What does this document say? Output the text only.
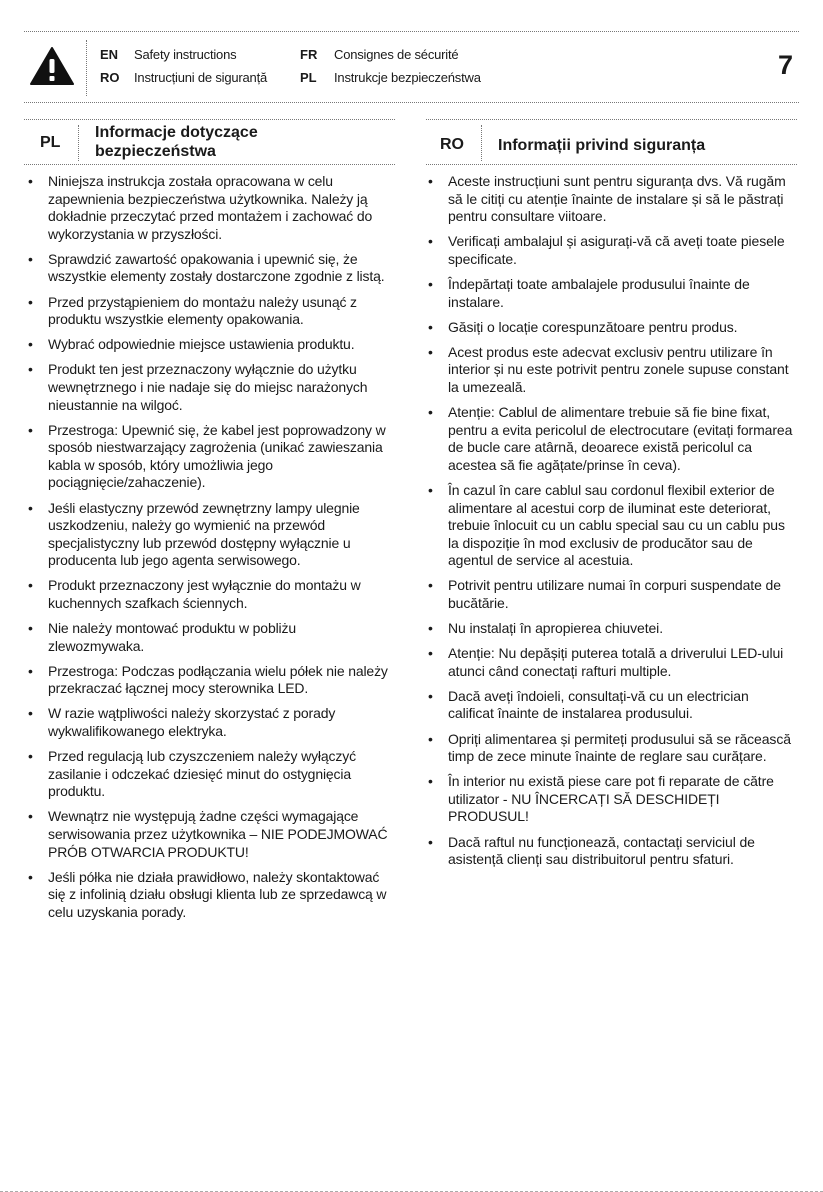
EN Safety instructions
RO Instrucțiuni de siguranță
FR Consignes de sécurité
PL Instrukcje bezpieczeństwa	7
PL
Informacje dotyczące
bezpieczeństwa	RO Informații privind siguranța
• Niniejsza instrukcja została opracowana w celu zapewnienia bezpieczeństwa użytkownika. Należy ją dokładnie przeczytać przed montażem i zachować do wykorzystania w przyszłości.
• Sprawdzić zawartość opakowania i upewnić się, że wszystkie elementy zostały dostarczone zgodnie z listą.
• Przed przystąpieniem do montażu należy usunąć z produktu wszystkie elementy opakowania.
• Wybrać odpowiednie miejsce ustawienia produktu.
• Produkt ten jest przeznaczony wyłącznie do użytku wewnętrznego i nie nadaje się do miejsc narażonych nieustannie na wilgoć.
• Przestroga: Upewnić się, że kabel jest poprowadzony w sposób niestwarzający zagrożenia (unikać zawieszania kabla w sposób, który umożliwia jego pociągnięcie/zahaczenie).
• Jeśli elastyczny przewód zewnętrzny lampy ulegnie uszkodzeniu, należy go wymienić na przewód specjalistyczny lub przewód dostępny wyłącznie u producenta lub jego agenta serwisowego.
• Produkt przeznaczony jest wyłącznie do montażu w kuchennych szafkach ściennych.
• Nie należy montować produktu w pobliżu zlewozmywaka.
• Przestroga: Podczas podłączania wielu półek nie należy przekraczać łącznej mocy sterownika LED.
• W razie wątpliwości należy skorzystać z porady wykwalifikowanego elektryka.
• Przed regulacją lub czyszczeniem należy wyłączyć zasilanie i odczekać dziesięć minut do ostygnięcia produktu.
• Wewnątrz nie występują żadne części wymagające serwisowania przez użytkownika – NIE PODEJMOWAĆ PRÓB OTWARCIA PRODUKTU!
• Jeśli półka nie działa prawidłowo, należy skontaktować się z infolinią działu obsługi klienta lub ze sprzedawcą w celu uzyskania porady.
• Aceste instrucțiuni sunt pentru siguranța dvs. Vă rugăm să le citiți cu atenție înainte de instalare și să le păstrați pentru consultare viitoare.
• Verificați ambalajul și asigurați-vă că aveți toate piesele specificate.
• Îndepărtați toate ambalajele produsului înainte de instalare.
• Găsiți o locație corespunzătoare pentru produs.
• Acest produs este adecvat exclusiv pentru utilizare în interior și nu este potrivit pentru zonele supuse constant la umezeală.
• Atenție: Cablul de alimentare trebuie să fie bine fixat, pentru a evita pericolul de electrocutare (evitați formarea de bucle care atârnă, deoarece există pericolul ca acestea să fie agățate/prinse în ceva).
• În cazul în care cablul sau cordonul flexibil exterior de alimentare al acestui corp de iluminat este deteriorat, trebuie înlocuit cu un cablu special sau cu un cablu pus la dispoziție în mod exclusiv de producător sau de agentul de service al acestuia.
• Potrivit pentru utilizare numai în corpuri suspendate de bucătărie.
• Nu instalați în apropierea chiuvetei.
• Atenție: Nu depășiți puterea totală a driverului LED-ului atunci când conectați rafturi multiple.
• Dacă aveți îndoieli, consultați-vă cu un electrician calificat înainte de instalarea produsului.
• Opriți alimentarea și permiteți produsului să se răcească timp de zece minute înainte de reglare sau curățare.
• În interior nu există piese care pot fi reparate de către utilizator - NU ÎNCERCAȚI SĂ DESCHIDEȚI PRODUSUL!
• Dacă raftul nu funcționează, contactați serviciul de asistență clienți sau distribuitorul pentru sfaturi.
